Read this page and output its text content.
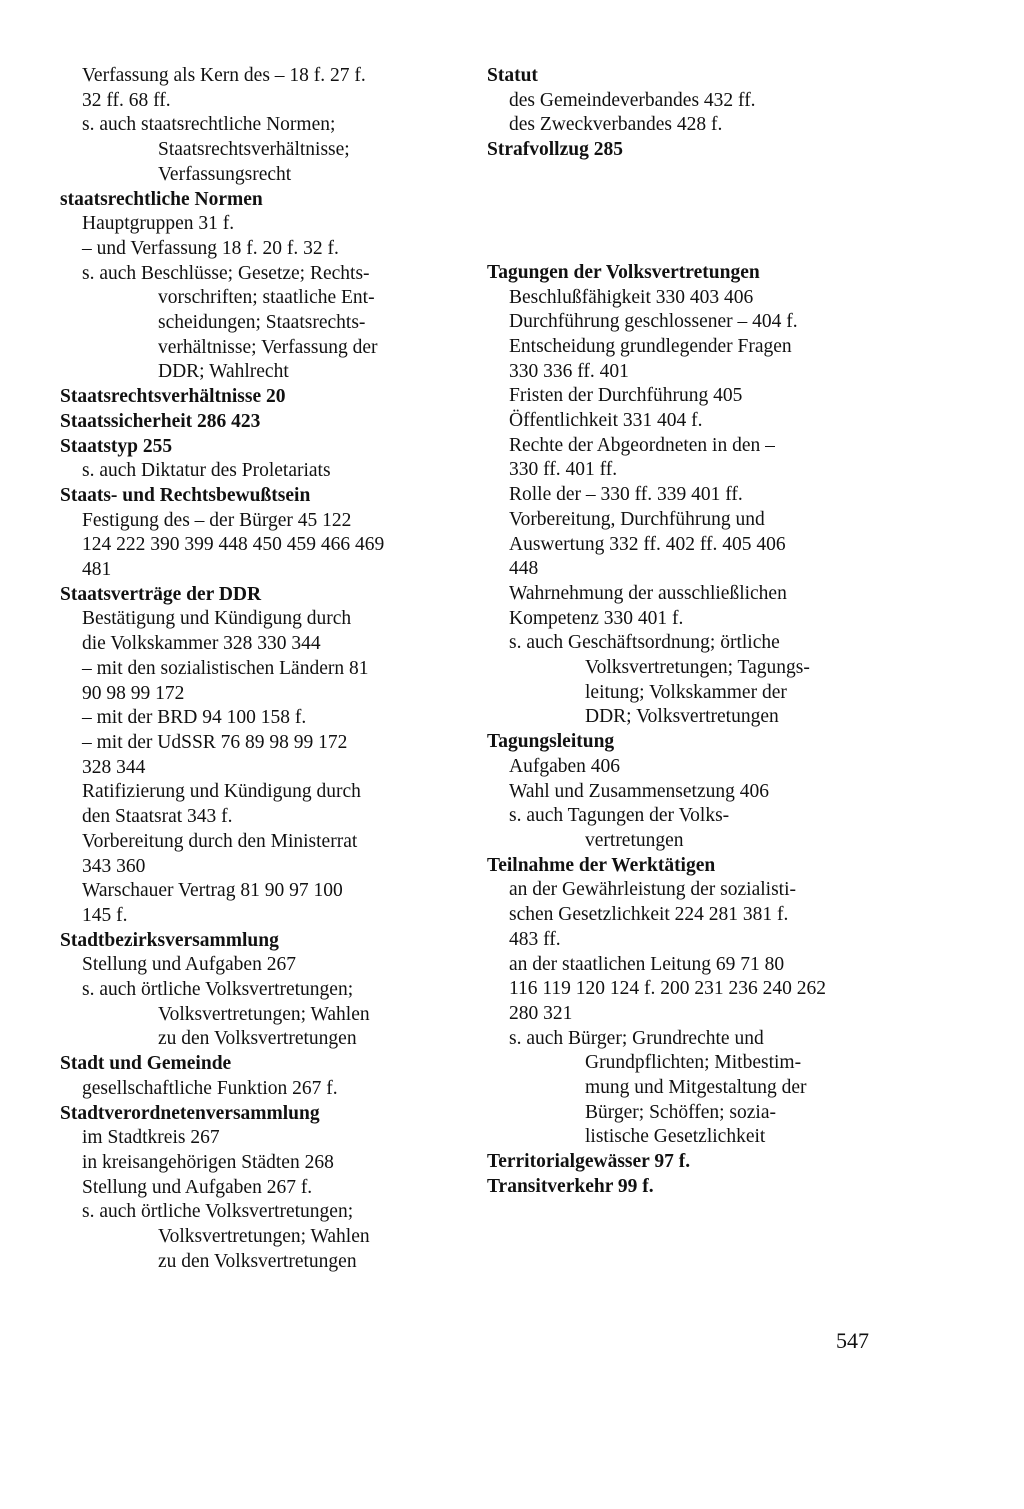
Verfassung als Kern des – 18 f. 27 f.
32 ff. 68 ff.
s. auch staatsrechtliche Normen;
Staatsrechtsverhältnisse;
Verfassungsrecht
staatsrechtliche Normen
Hauptgruppen 31 f.
– und Verfassung 18 f. 20 f. 32 f.
s. auch Beschlüsse; Gesetze; Rechts-
vorschriften; staatliche Ent-
scheidungen; Staatsrechts-
verhältnisse; Verfassung der
DDR; Wahlrecht
Staatsrechtsverhältnisse 20
Staatssicherheit 286 423
Staatstyp 255
s. auch Diktatur des Proletariats
Staats- und Rechtsbewußtsein
Festigung des – der Bürger 45 122
124 222 390 399 448 450 459 466 469
481
Staatsverträge der DDR
Bestätigung und Kündigung durch
die Volkskammer 328 330 344
– mit den sozialistischen Ländern 81
90 98 99 172
– mit der BRD 94 100 158 f.
– mit der UdSSR 76 89 98 99 172
328 344
Ratifizierung und Kündigung durch
den Staatsrat 343 f.
Vorbereitung durch den Ministerrat
343 360
Warschauer Vertrag 81 90 97 100
145 f.
Stadtbezirksversammlung
Stellung und Aufgaben 267
s. auch örtliche Volksvertretungen;
Volksvertretungen; Wahlen
zu den Volksvertretungen
Stadt und Gemeinde
gesellschaftliche Funktion 267 f.
Stadtverordnetenversammlung
im Stadtkreis 267
in kreisangehörigen Städten 268
Stellung und Aufgaben 267 f.
s. auch örtliche Volksvertretungen;
Volksvertretungen; Wahlen
zu den Volksvertretungen
Statut
des Gemeindeverbandes 432 ff.
des Zweckverbandes 428 f.
Strafvollzug 285
Tagungen der Volksvertretungen
Beschlußfähigkeit 330 403 406
Durchführung geschlossener – 404 f.
Entscheidung grundlegender Fragen
330 336 ff. 401
Fristen der Durchführung 405
Öffentlichkeit 331 404 f.
Rechte der Abgeordneten in den –
330 ff. 401 ff.
Rolle der – 330 ff. 339 401 ff.
Vorbereitung, Durchführung und
Auswertung 332 ff. 402 ff. 405 406
448
Wahrnehmung der ausschließlichen
Kompetenz 330 401 f.
s. auch Geschäftsordnung; örtliche
Volksvertretungen; Tagungs-
leitung; Volkskammer der
DDR; Volksvertretungen
Tagungsleitung
Aufgaben 406
Wahl und Zusammensetzung 406
s. auch Tagungen der Volks-
vertretungen
Teilnahme der Werktätigen
an der Gewährleistung der sozialisti-
schen Gesetzlichkeit 224 281 381 f.
483 ff.
an der staatlichen Leitung 69 71 80
116 119 120 124 f. 200 231 236 240 262
280 321
s. auch Bürger; Grundrechte und
Grundpflichten; Mitbestim-
mung und Mitgestaltung der
Bürger; Schöffen; sozia-
listische Gesetzlichkeit
Territorialgewässer 97 f.
Transitverkehr 99 f.
547
